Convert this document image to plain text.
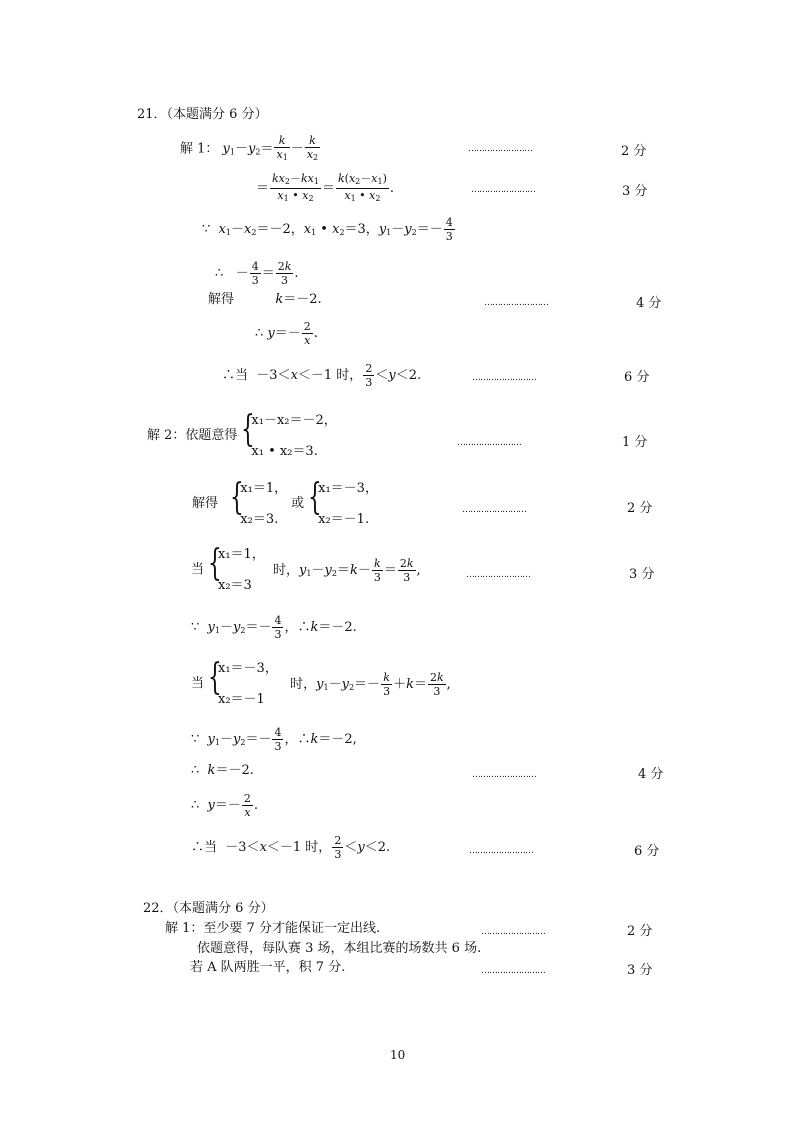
21．（本题满分 6 分）
解 1： $y_1-y_2= \frac{k}{x_1} - \frac{k}{x_2}$	……………………	2 分
＝ $\frac{kx_2-kx_1}{x_1 • x_2} = \frac{k(x_2-x_1)}{x_1 • x_2}$ .	……………………	3 分
∵ $x_1-x_2=-2$，$x_1$ • $x_2=3$，$y_1-y_2=- \frac{4}{3}$
∴   － $\frac{4}{3} = \frac{2k}{3}$ .
解得	k＝－2.	……………………	4 分
∴ $y=- \frac{2}{x}$ .
∴当  －3＜x＜－1 时， $\frac{2}{3} <y<2$.	……………………	6 分
解 2：依题意得 {
x₁－x₂＝－2，
x₁ • x₂＝3.
……………………	1 分
解得 {
x₁＝1，
x₂＝3.
或 {
x₁＝－3，
x₂＝－1.
……………………	2 分
当 {
x₁＝1，
x₂＝3
时，$y_1-y_2=k- \frac{k}{3} = \frac{2k}{3}$ ,	……………………	3 分
∵  $y_1-y_2=- \frac{4}{3}$ ，∴k＝－2.
当 {
x₁＝－3，
x₂＝－1
时，$y_1-y_2=- \frac{k}{3} +k= \frac{2k}{3}$ ,
∵  $y_1-y_2=- \frac{4}{3}$ ，∴k＝－2,
∴  k＝－2.	……………………	4 分
∴  $y=- \frac{2}{x}$ .
∴当  －3＜x＜－1 时， $\frac{2}{3} <y<2$.	……………………	6 分
22．（本题满分 6 分）
解 1：至少要 7 分才能保证一定出线.	……………………	2 分
依题意得，每队赛 3 场，本组比赛的场数共 6 场.
若 A 队两胜一平，积 7 分.	……………………	3 分
10
